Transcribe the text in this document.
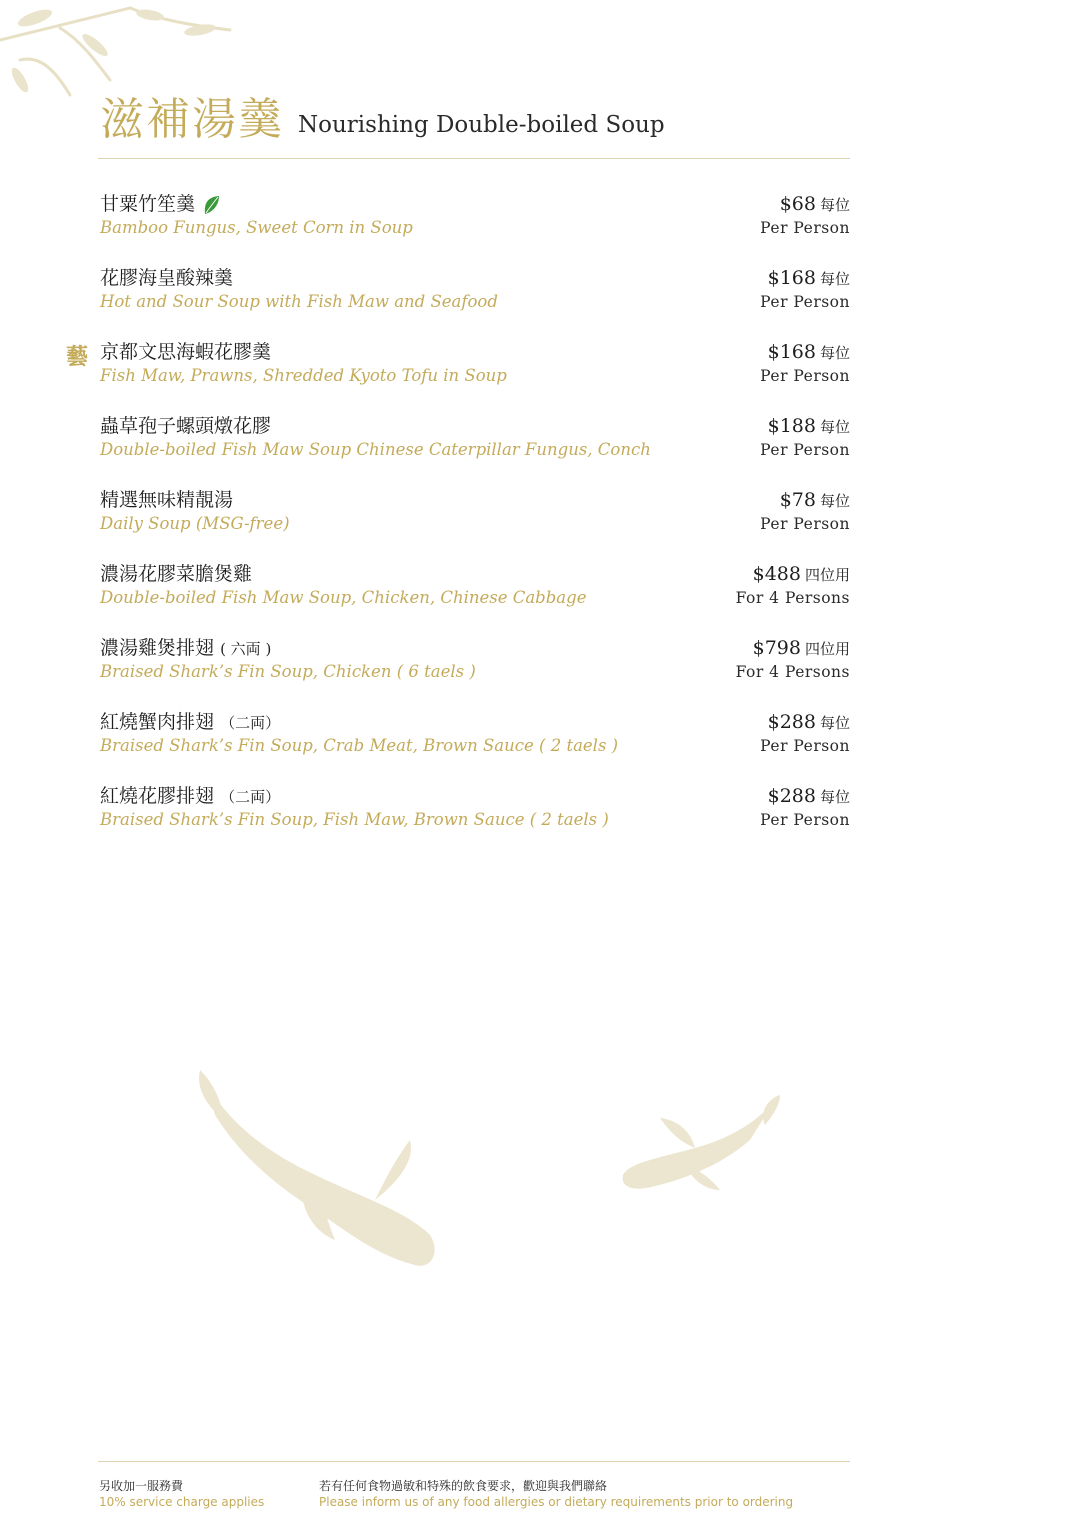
滋補湯羹 Nourishing Double-boiled Soup
藝
甘粟竹笙羹
Bamboo Fungus, Sweet Corn in Soup
$68 每位
Per Person
花膠海皇酸辣羹
Hot and Sour Soup with Fish Maw and Seafood
$168 每位
Per Person
京都文思海蝦花膠羹
Fish Maw, Prawns, Shredded Kyoto Tofu in Soup
$168 每位
Per Person
蟲草孢子螺頭燉花膠
Double-boiled Fish Maw Soup Chinese Caterpillar Fungus, Conch
$188 每位
Per Person
精選無味精靚湯
Daily Soup (MSG-free)
$78 每位
Per Person
濃湯花膠菜膽煲雞
Double-boiled Fish Maw Soup, Chicken, Chinese Cabbage
$488 四位用
For 4 Persons
濃湯雞煲排翅 ( 六両 )
Braised Shark’s Fin Soup, Chicken ( 6 taels )
$798 四位用
For 4 Persons
紅燒蟹肉排翅 （二両）
Braised Shark’s Fin Soup, Crab Meat, Brown Sauce ( 2 taels )
$288 每位
Per Person
紅燒花膠排翅 （二両）
Braised Shark’s Fin Soup, Fish Maw, Brown Sauce ( 2 taels )
$288 每位
Per Person
另收加一服務費
10% service charge applies
若有任何食物過敏和特殊的飲食要求，歡迎與我們聯絡
Please inform us of any food allergies or dietary requirements prior to ordering
